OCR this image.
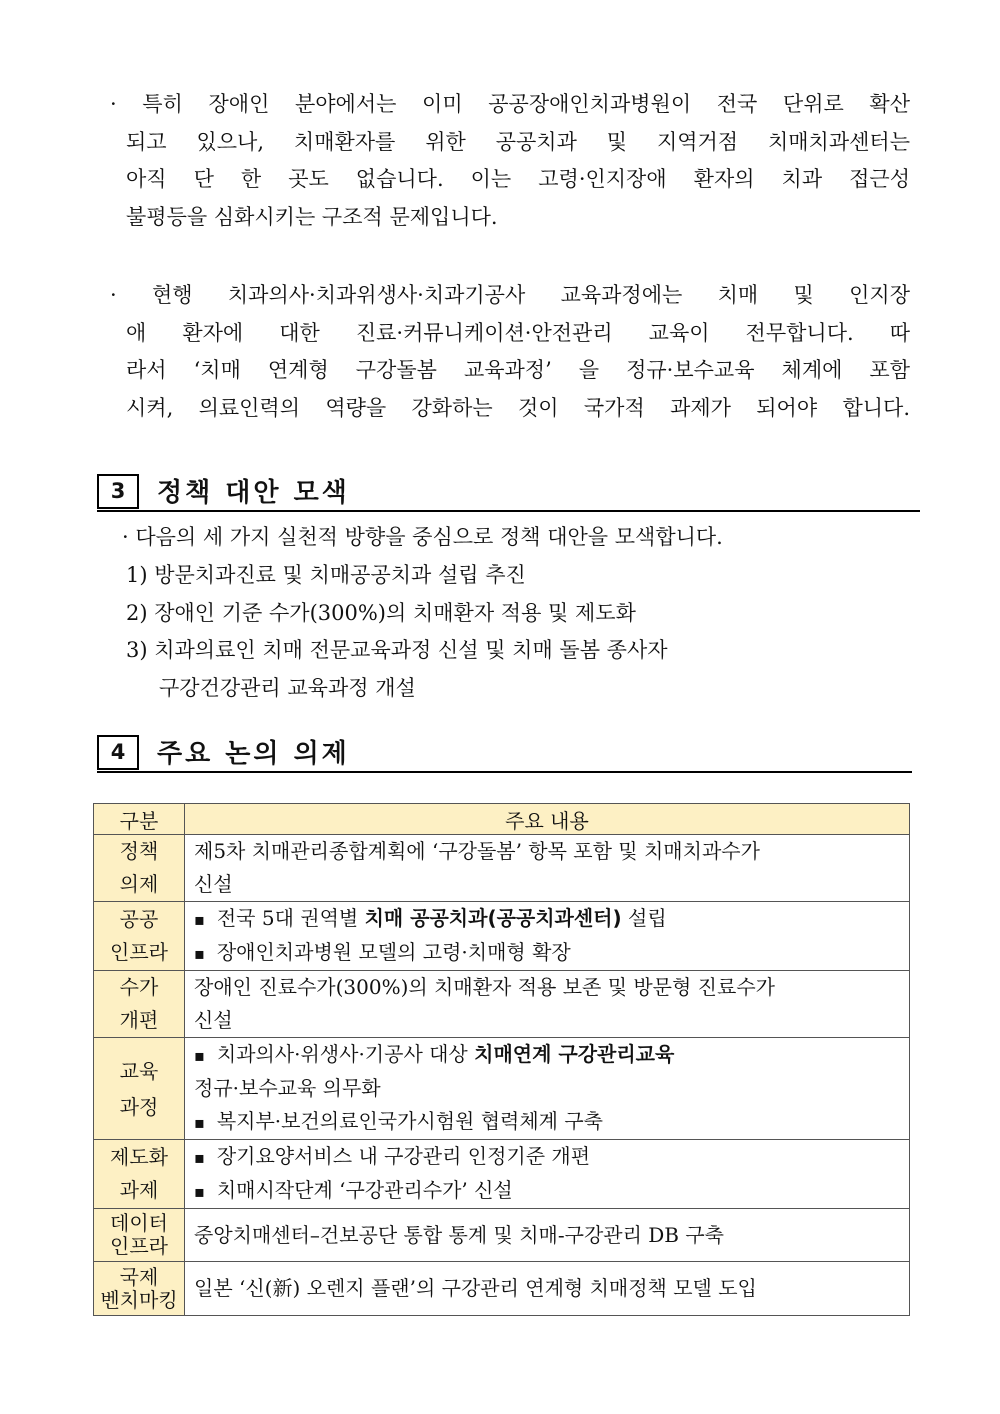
· 특히 장애인 분야에서는 이미 공공장애인치과병원이 전국 단위로 확산
되고 있으나, 치매환자를 위한 공공치과 및 지역거점 치매치과센터는
아직 단 한 곳도 없습니다. 이는 고령·인지장애 환자의 치과 접근성
불평등을 심화시키는 구조적 문제입니다.
· 현행 치과의사·치과위생사·치과기공사 교육과정에는 치매 및 인지장
애 환자에 대한 진료·커뮤니케이션·안전관리 교육이 전무합니다. 따
라서 ‘치매 연계형 구강돌봄 교육과정’ 을 정규·보수교육 체계에 포함
시켜, 의료인력의 역량을 강화하는 것이 국가적 과제가 되어야 합니다.
3	정책 대안 모색
· 다음의 세 가지 실천적 방향을 중심으로 정책 대안을 모색합니다.
1) 방문치과진료 및 치매공공치과 설립 추진
2) 장애인 기준 수가(300%)의 치매환자 적용 및 제도화
3) 치과의료인 치매 전문교육과정 신설 및 치매 돌봄 종사자
구강건강관리 교육과정 개설
4	주요 논의 의제
구분	주요 내용

정책
의제	제5차 치매관리종합계획에 ‘구강돌봄’ 항목 포함 및 치매치과수가
신설

공공
인프라	▪ 전국 5대 권역별 치매 공공치과(공공치과센터) 설립
▪ 장애인치과병원 모델의 고령·치매형 확장

수가
개편	장애인 진료수가(300%)의 치매환자 적용 보존 및 방문형 진료수가
신설

교육
과정	▪ 치과의사·위생사·기공사 대상 치매연계 구강관리교육
정규·보수교육 의무화
▪ 복지부·보건의료인국가시험원 협력체계 구축

제도화
과제	▪ 장기요양서비스 내 구강관리 인정기준 개편
▪ 치매시작단계 ‘구강관리수가’ 신설

데이터
인프라	중앙치매센터–건보공단 통합 통계 및 치매-구강관리 DB 구축

국제
벤치마킹	일본 ‘신(新) 오렌지 플랜’의 구강관리 연계형 치매정책 모델 도입
